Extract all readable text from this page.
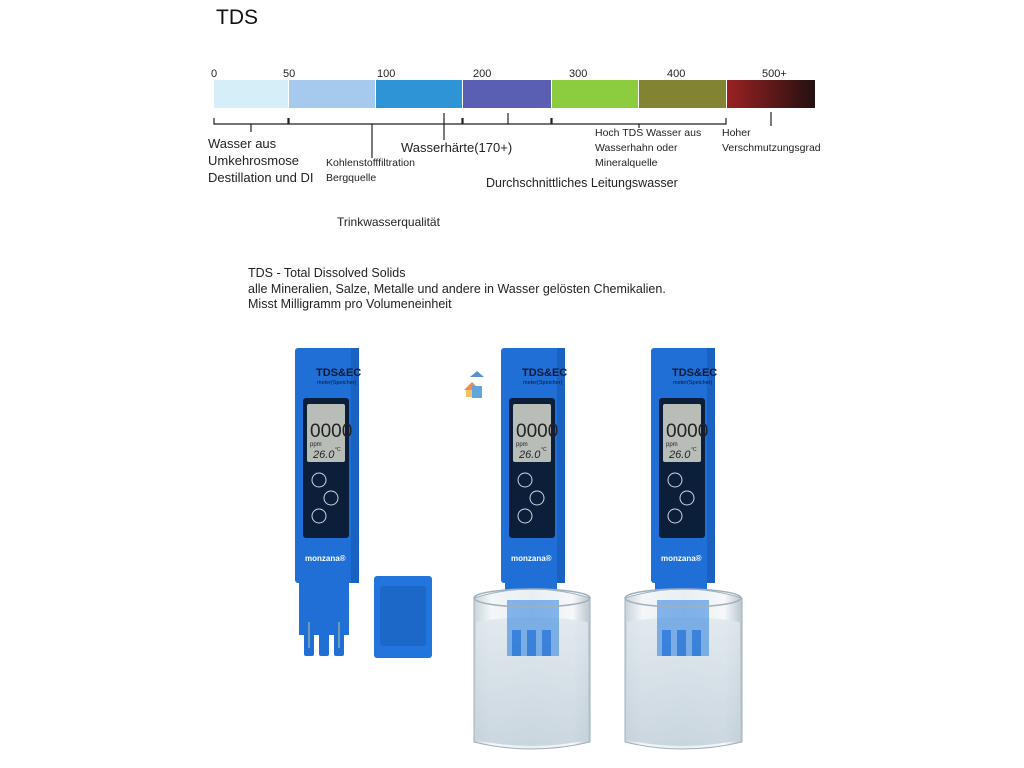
TDS
0	50	100	200	300	400	500+
Wasser aus
Umkehrosmose
Destillation und DI
Kohlenstofffiltration
Bergquelle
Wasserhärte(170+)
Durchschnittliches Leitungswasser
Hoch TDS Wasser aus
Wasserhahn oder
Mineralquelle
Hoher
Verschmutzungsgrad
Trinkwasserqualität
TDS - Total Dissolved Solids
alle Mineralien, Salze, Metalle und andere in Wasser gelösten Chemikalien.
Misst Milligramm pro Volumeneinheit
TDS&EC
meter(Speicher)
0000
ppm
26.0 °C
monzana®
TDS&EC
meter(Speicher)
0000
ppm
26.0 °C
monzana®
TDS&EC
meter(Speicher)
0000
ppm
26.0 °C
monzana®
